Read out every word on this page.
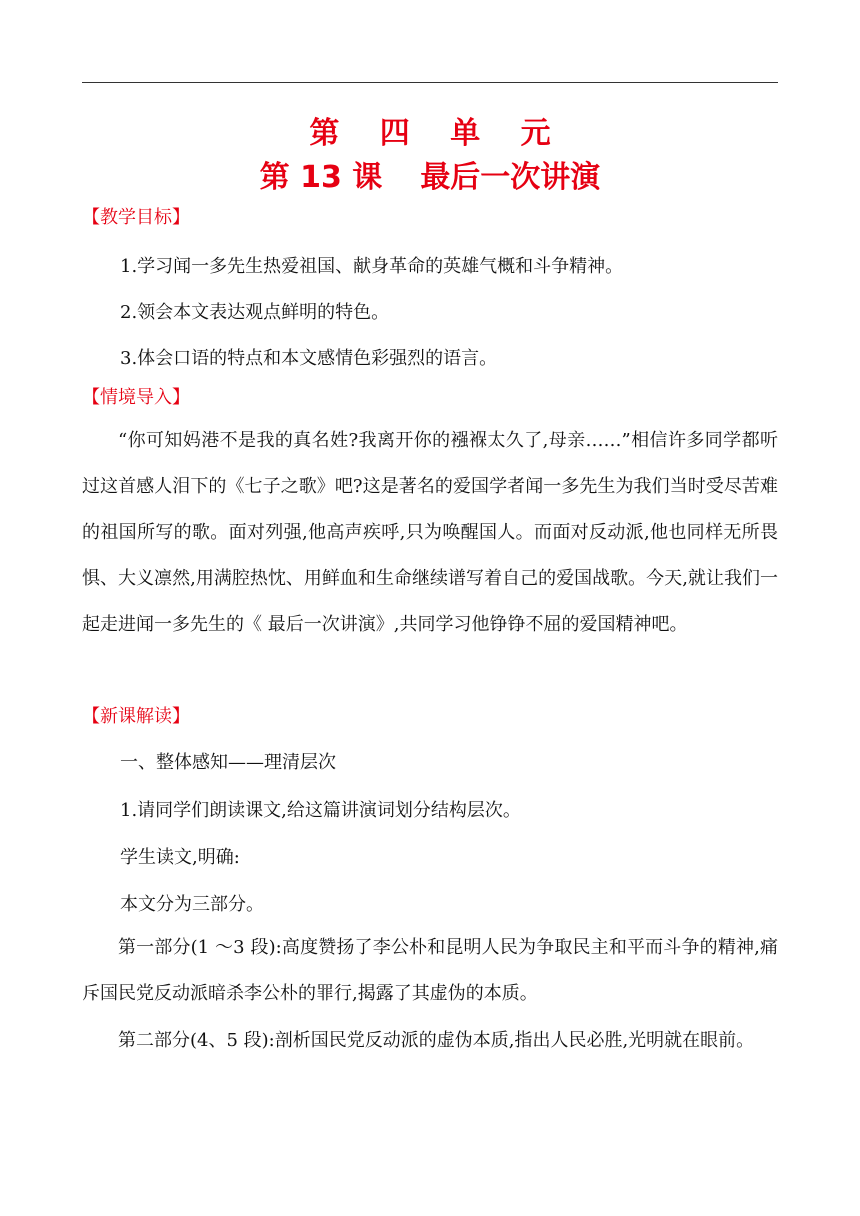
第 四 单 元
第 13 课 最后一次讲演
【教学目标】
1.学习闻一多先生热爱祖国、献身革命的英雄气概和斗争精神。
2.领会本文表达观点鲜明的特色。
3.体会口语的特点和本文感情色彩强烈的语言。
【情境导入】
“你可知妈港不是我的真名姓?我离开你的襁褓太久了,母亲……”相信许多同学都听过这首感人泪下的《七子之歌》吧?这是著名的爱国学者闻一多先生为我们当时受尽苦难的祖国所写的歌。面对列强,他高声疾呼,只为唤醒国人。而面对反动派,他也同样无所畏惧、大义凛然,用满腔热忱、用鲜血和生命继续谱写着自己的爱国战歌。今天,就让我们一起走进闻一多先生的《 最后一次讲演》,共同学习他铮铮不屈的爱国精神吧。
【新课解读】
一、整体感知——理清层次
1.请同学们朗读课文,给这篇讲演词划分结构层次。
学生读文,明确:
本文分为三部分。
第一部分(1 ～3 段):高度赞扬了李公朴和昆明人民为争取民主和平而斗争的精神,痛斥国民党反动派暗杀李公朴的罪行,揭露了其虚伪的本质。
第二部分(4、5 段):剖析国民党反动派的虚伪本质,指出人民必胜,光明就在眼前。
